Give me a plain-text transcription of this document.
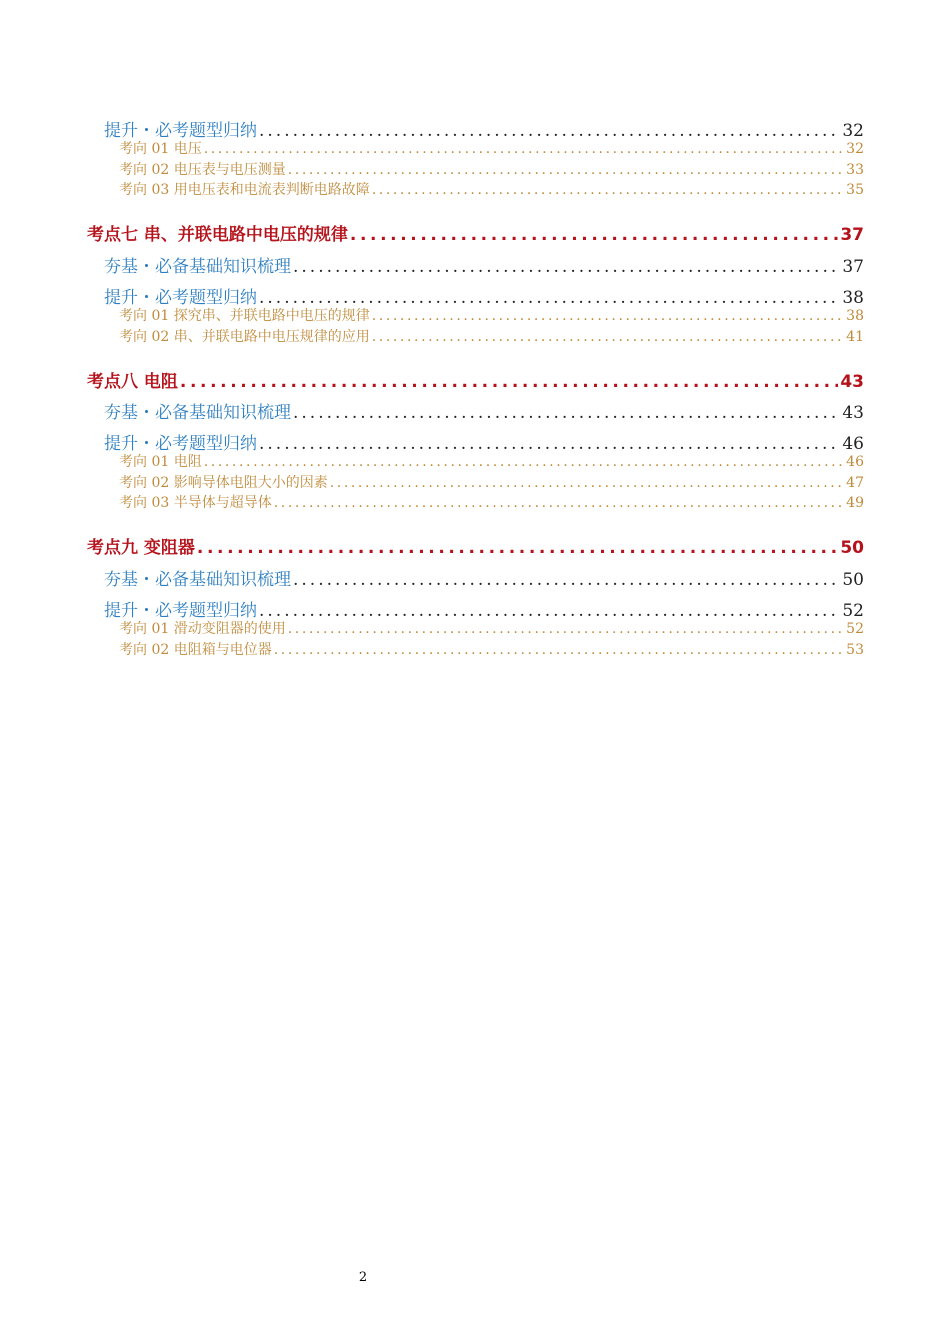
提升・必考题型归纳 .....	32
考向 01 电压 .....	32
考向 02 电压表与电压测量 .....	33
考向 03 用电压表和电流表判断电路故障 .....	35
考点七 串、并联电路中电压的规律 .....	37
夯基・必备基础知识梳理 .....	37
提升・必考题型归纳 .....	38
考向 01 探究串、并联电路中电压的规律 .....	38
考向 02 串、并联电路中电压规律的应用 .....	41
考点八 电阻 .....	43
夯基・必备基础知识梳理 .....	43
提升・必考题型归纳 .....	46
考向 01 电阻 .....	46
考向 02 影响导体电阻大小的因素 .....	47
考向 03 半导体与超导体 .....	49
考点九 变阻器 .....	50
夯基・必备基础知识梳理 .....	50
提升・必考题型归纳 .....	52
考向 01 滑动变阻器的使用 .....	52
考向 02 电阻箱与电位器 .....	53
2
